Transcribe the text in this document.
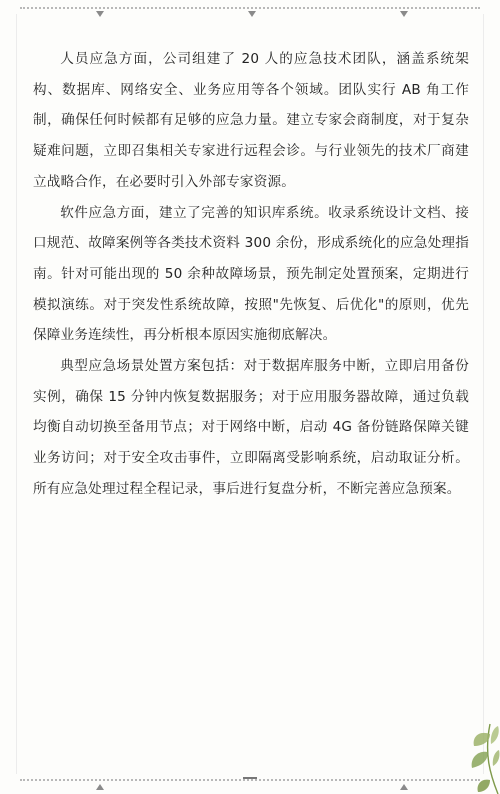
人员应急方面，公司组建了 20 人的应急技术团队，涵盖系统架构、数据库、网络安全、业务应用等各个领域。团队实行 AB 角工作制，确保任何时候都有足够的应急力量。建立专家会商制度，对于复杂疑难问题，立即召集相关专家进行远程会诊。与行业领先的技术厂商建立战略合作，在必要时引入外部专家资源。

软件应急方面，建立了完善的知识库系统。收录系统设计文档、接口规范、故障案例等各类技术资料 300 余份，形成系统化的应急处理指南。针对可能出现的 50 余种故障场景，预先制定处置预案，定期进行模拟演练。对于突发性系统故障，按照"先恢复、后优化"的原则，优先保障业务连续性，再分析根本原因实施彻底解决。

典型应急场景处置方案包括：对于数据库服务中断，立即启用备份实例，确保 15 分钟内恢复数据服务；对于应用服务器故障，通过负载均衡自动切换至备用节点；对于网络中断，启动 4G 备份链路保障关键业务访问；对于安全攻击事件，立即隔离受影响系统，启动取证分析。所有应急处理过程全程记录，事后进行复盘分析，不断完善应急预案。
